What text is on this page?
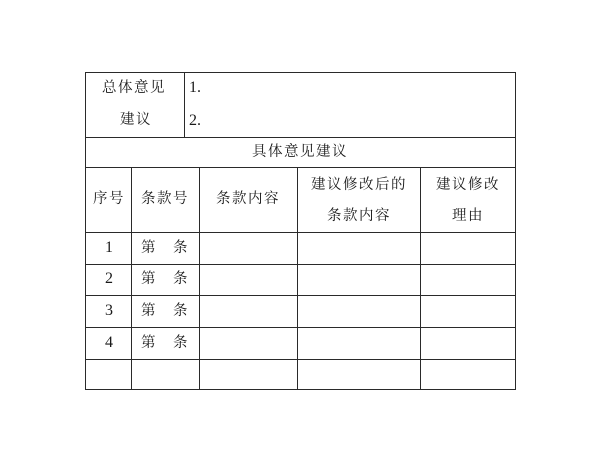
总体意见
建议
1.
2.
具体意见建议
序号 条款号 条款内容
建议修改后的
条款内容
建议修改
理由
1 第　条
2 第　条
3 第　条
4 第　条
